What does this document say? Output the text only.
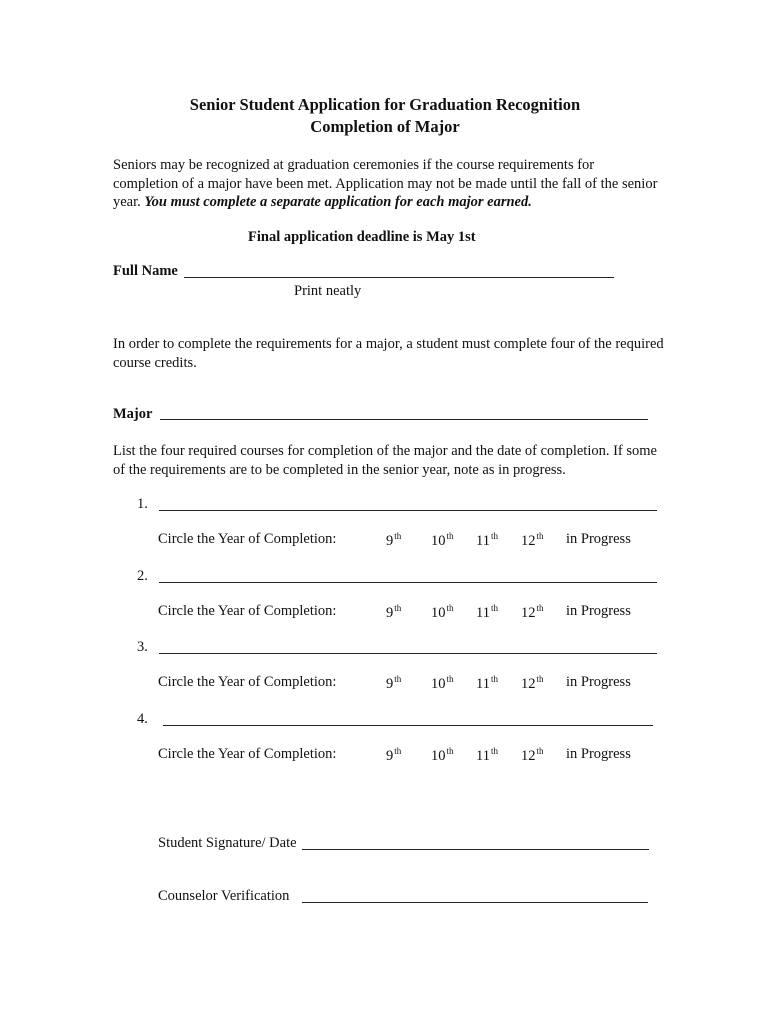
Senior Student Application for Graduation Recognition
Completion of Major
Seniors may be recognized at graduation ceremonies if the course requirements for completion of a major have been met. Application may not be made until the fall of the senior year. You must complete a separate application for each major earned.
Final application deadline is May 1st
Full Name
Print neatly
In order to complete the requirements for a major, a student must complete four of the required course credits.
Major
List the four required courses for completion of the major and the date of completion. If some of the requirements are to be completed in the senior year, note as in progress.
1.
Circle the Year of Completion:	9th 10th 11th 12th in Progress
2.
Circle the Year of Completion:	9th 10th 11th 12th in Progress
3.
Circle the Year of Completion:	9th 10th 11th 12th in Progress
4.
Circle the Year of Completion:	9th 10th 11th 12th in Progress
Student Signature/ Date
Counselor Verification
